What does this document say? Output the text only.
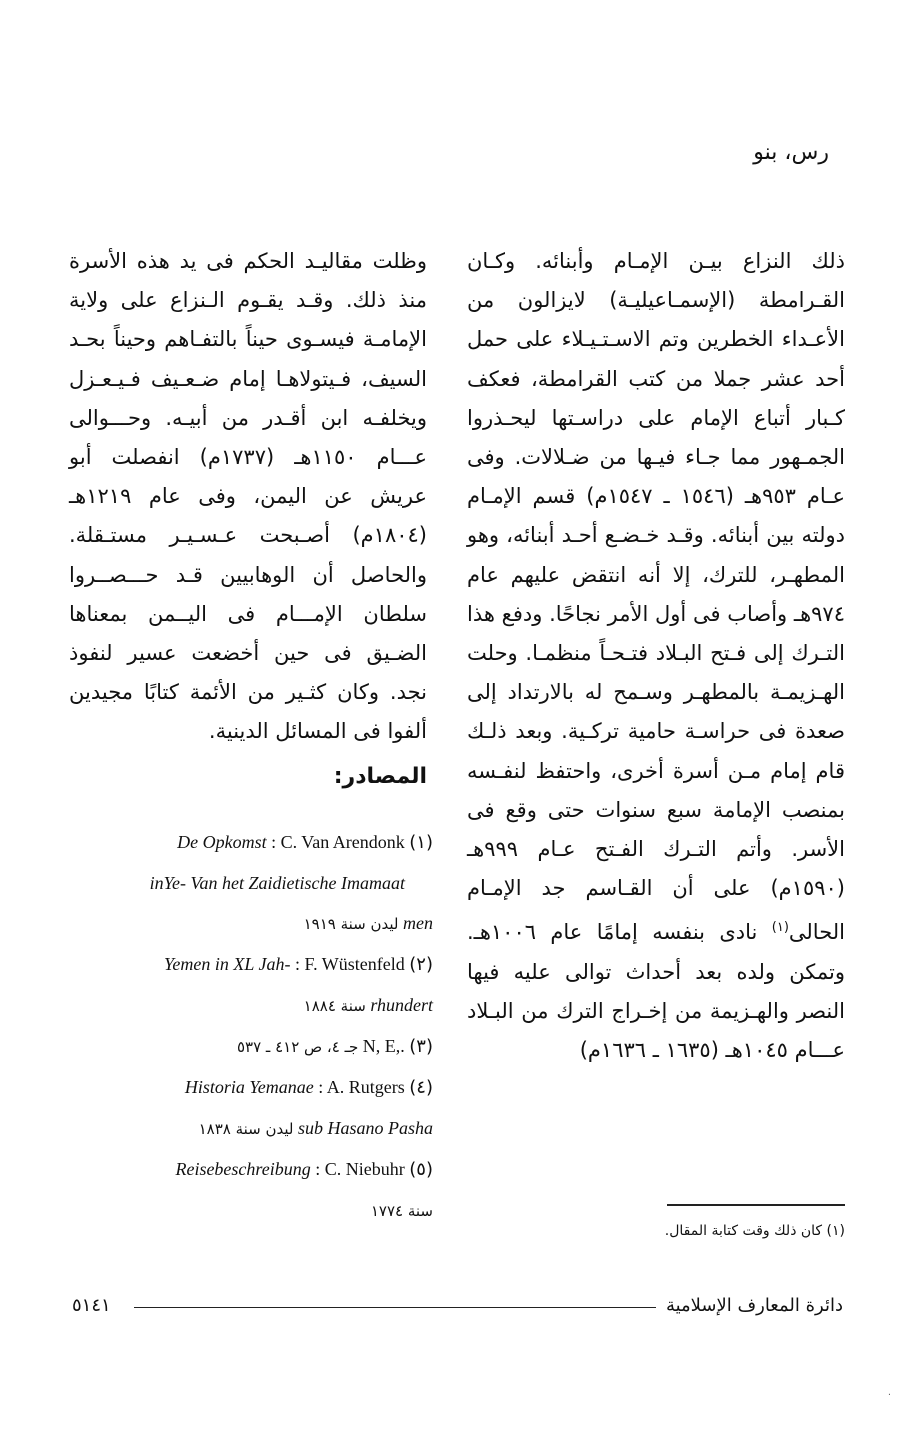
رس، بنو

ذلك النزاع بيـن الإمـام وأبنائه. وكـان القـرامطة (الإسمـاعيليـة) لايزالون من الأعـداء الخطرين وتم الاسـتـيـلاء على حمل أحد عشر جملا من كتب القرامطة، فعكف كـبار أتباع الإمام على دراسـتها ليحـذروا الجمـهور مما جـاء فيـها من ضـلالات. وفى عـام ٩٥٣هـ (١٥٤٦ ـ ١٥٤٧م) قسم الإمـام دولته بين أبنائه. وقـد خـضـع أحـد أبنائه، وهو المطهـر، للترك، إلا أنه انتقض عليهم عام ٩٧٤هـ وأصاب فى أول الأمر نجاحًا. ودفع هذا التـرك إلى فـتح البـلاد فتـحـاً منظمـا. وحلت الهـزيمـة بالمطهـر وسـمح له بالارتداد إلى صعدة فى حراسـة حامية تركـية. وبعد ذلـك قام إمام مـن أسرة أخرى، واحتفظ لنفـسه بمنصب الإمامة سبع سنوات حتى وقع فى الأسر. وأتم التـرك الفـتح عـام ٩٩٩هـ (١٥٩٠م) على أن القـاسم جد الإمـام الحالى$^{(١)}$ نادى بنفسه إمامًا عام ١٠٠٦هـ. وتمكن ولده بعد أحداث توالى عليه فيها النصر والهـزيمة من إخـراج الترك من البـلاد عـــام ١٠٤٥هـ (١٦٣٥ ـ ١٦٣٦م)

وظلت مقاليـد الحكم فى يد هذه الأسرة منذ ذلك. وقـد يقـوم الـنزاع على ولاية الإمامـة فيسـوى حيناً بالتفـاهم وحيناً بحـد السيف، فـيتولاهـا إمام ضـعـيف فـيـعـزل ويخلفـه ابن أقـدر من أبيـه. وحـــوالى عـــام ١١٥٠هـ (١٧٣٧م) انفصلت أبو عريش عن اليمن، وفى عام ١٢١٩هـ (١٨٠٤م) أصـبحت عـسـيـر مستـقلة. والحاصل أن الوهابيين قـد حـــصــروا سلطان الإمـــام فى اليــمن بمعناها الضـيق فى حين أخضعت عسير لنفوذ نجد. وكان كثـير من الأئمة كتابًا مجيدين ألفوا فى المسائل الدينية.

المصادر:

De Opkomst : C. Van Arendonk (١)
inYe- Van het Zaidietische Imamaat
ليدن سنة ١٩١٩ men
Yemen in XL Jah- : F. Wüstenfeld (٢)
سنة ١٨٨٤ rhundert
جـ ٤، ص ٤١٢ ـ ٥٣٧ N, E,. (٣)
Historia Yemanae : A. Rutgers (٤)
ليدن سنة ١٨٣٨ sub Hasano Pasha
Reisebeschreibung : C. Niebuhr (٥)
سنة ١٧٧٤
(١) كان ذلك وقت كتابة المقال.
دائرة المعارف الإسلامية
٥١٤١
·
